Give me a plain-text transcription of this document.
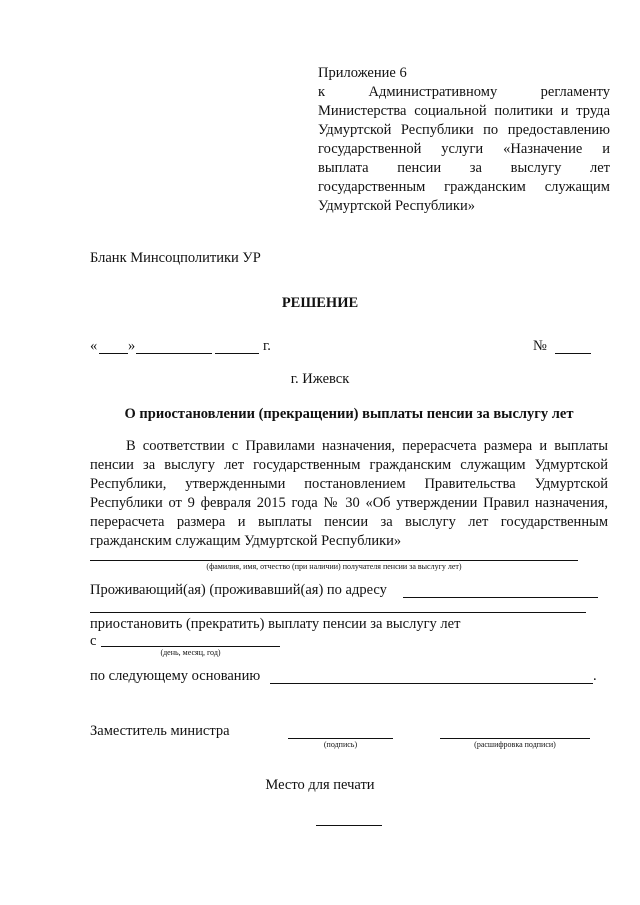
Приложение 6
к Административному регламенту
Министерства социальной политики и труда
Удмуртской Республики по предоставлению
государственной услуги «Назначение и
выплата пенсии за выслугу лет
государственным гражданским служащим
Удмуртской Республики»
Бланк Минсоцполитики УР
РЕШЕНИЕ
« »	г.	№
г. Ижевск
О приостановлении (прекращении) выплаты пенсии за выслугу лет
В соответствии с Правилами назначения, перерасчета размера и выплаты
пенсии за выслугу лет государственным гражданским служащим Удмуртской
Республики, утвержденными постановлением Правительства Удмуртской
Республики от 9 февраля 2015 года № 30 «Об утверждении Правил назначения,
перерасчета размера и выплаты пенсии за выслугу лет государственным
гражданским служащим Удмуртской Республики»
(фамилия, имя, отчество (при наличии) получателя пенсии за выслугу лет)
Проживающий(ая) (проживавший(ая) по адресу
приостановить (прекратить) выплату пенсии за выслугу лет
с
(день, месяц, год)
по следующему основанию	.
Заместитель министра
(подпись)	(расшифровка подписи)
Место для печати
